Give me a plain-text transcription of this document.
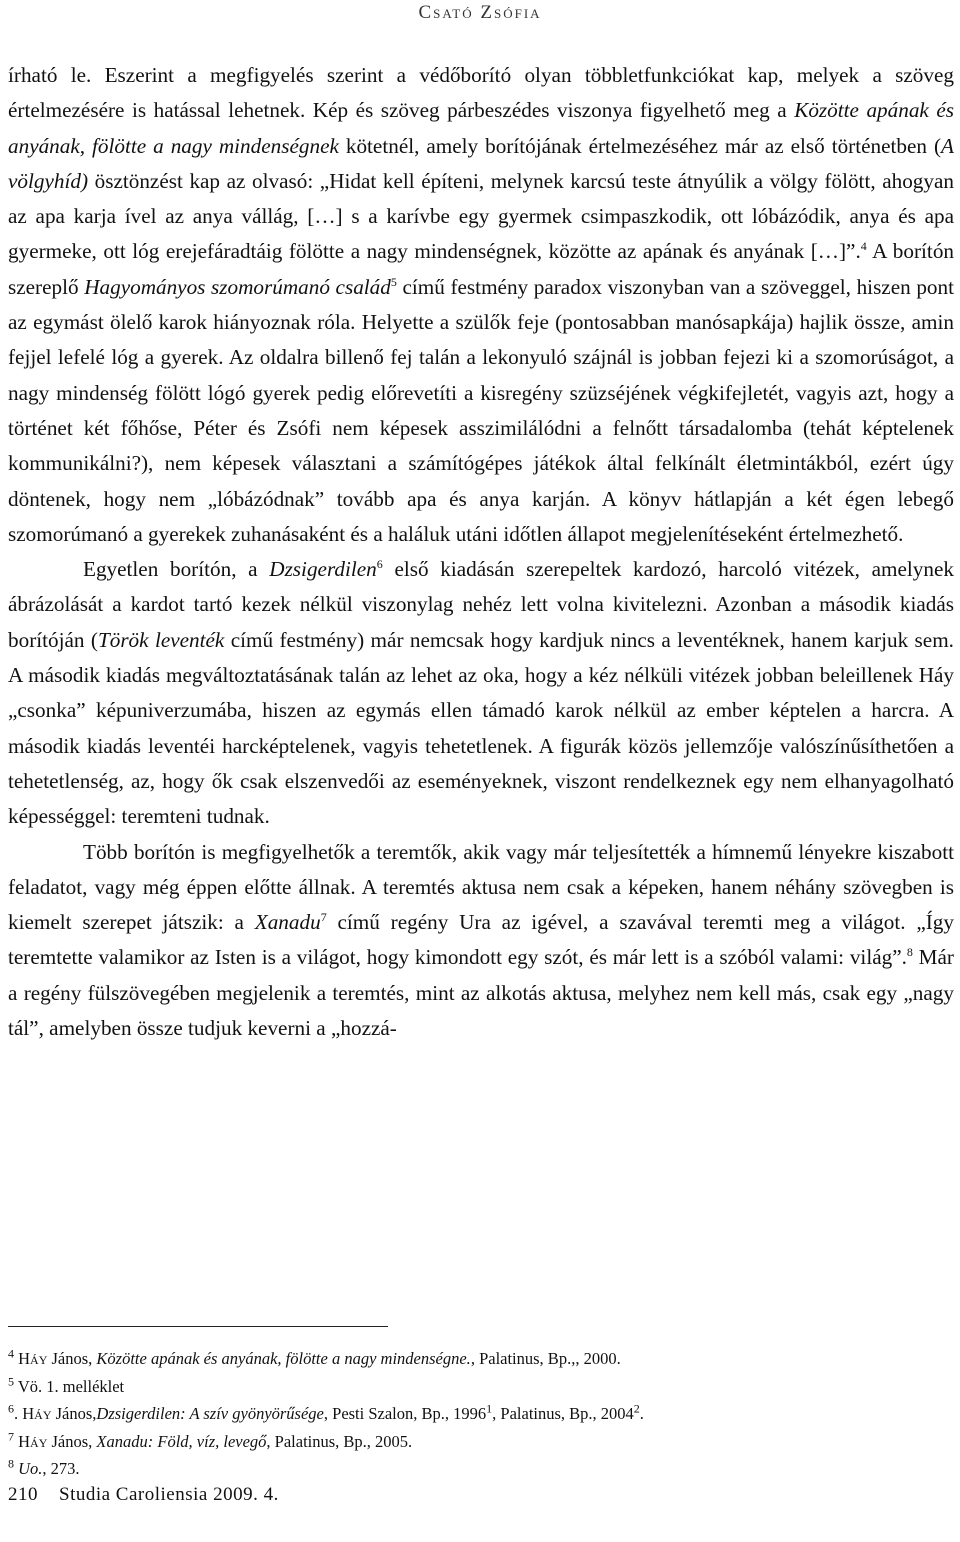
Csató Zsófia

írható le. Eszerint a megfigyelés szerint a védőborító olyan többletfunkciókat kap, melyek a szöveg értelmezésére is hatással lehetnek. Kép és szöveg párbeszédes viszonya figyelhető meg a Közötte apának és anyának, fölötte a nagy mindenségnek kötetnél, amely borítójának értelmezéséhez már az első történetben (A völgyhíd) ösztönzést kap az olvasó: „Hidat kell építeni, melynek karcsú teste átnyúlik a völgy fölött, ahogyan az apa karja ível az anya vállág, […] s a karívbe egy gyermek csimpaszkodik, ott lóbázódik, anya és apa gyermeke, ott lóg erejefáradtáig fölötte a nagy mindenségnek, közötte az apának és anyának […]”.$^4$ A borítón szereplő Hagyományos szomorúmanó család$^5$ című festmény paradox viszonyban van a szöveggel, hiszen pont az egymást ölelő karok hiányoznak róla. Helyette a szülők feje (pontosabban manósapkája) hajlik össze, amin fejjel lefelé lóg a gyerek. Az oldalra billenő fej talán a lekonyuló szájnál is jobban fejezi ki a szomorúságot, a nagy mindenség fölött lógó gyerek pedig előrevetíti a kisregény szüzséjének végkifejletét, vagyis azt, hogy a történet két főhőse, Péter és Zsófi nem képesek asszimilálódni a felnőtt társadalomba (tehát képtelenek kommunikálni?), nem képesek választani a számítógépes játékok által felkínált életmintákból, ezért úgy döntenek, hogy nem „lóbázódnak” tovább apa és anya karján. A könyv hátlapján a két égen lebegő szomorúmanó a gyerekek zuhanásaként és a haláluk utáni időtlen állapot megjelenítéseként értelmezhető.

Egyetlen borítón, a Dzsigerdilen$^6$ első kiadásán szerepeltek kardozó, harcoló vitézek, amelynek ábrázolását a kardot tartó kezek nélkül viszonylag nehéz lett volna kivitelezni. Azonban a második kiadás borítóján (Török leventék című festmény) már nemcsak hogy kardjuk nincs a leventéknek, hanem karjuk sem. A második kiadás megváltoztatásának talán az lehet az oka, hogy a kéz nélküli vitézek jobban beleillenek Háy „csonka” képuniverzumába, hiszen az egymás ellen támadó karok nélkül az ember képtelen a harcra. A második kiadás leventéi harcképtelenek, vagyis tehetetlenek. A figurák közös jellemzője valószínűsíthetően a tehetetlenség, az, hogy ők csak elszenvedői az eseményeknek, viszont rendelkeznek egy nem elhanyagolható képességgel: teremteni tudnak.

Több borítón is megfigyelhetők a teremtők, akik vagy már teljesítették a hímnemű lényekre kiszabott feladatot, vagy még éppen előtte állnak. A teremtés aktusa nem csak a képeken, hanem néhány szövegben is kiemelt szerepet játszik: a Xanadu$^7$ című regény Ura az igével, a szavával teremti meg a világot. „Így teremtette valamikor az Isten is a világot, hogy kimondott egy szót, és már lett is a szóból valami: világ”.$^8$ Már a regény fülszövegében megjelenik a teremtés, mint az alkotás aktusa, melyhez nem kell más, csak egy „nagy tál”, amelyben össze tudjuk keverni a „hozzá-

$^4$ Háy János, Közötte apának és anyának, fölötte a nagy mindenségne., Palatinus, Bp.,, 2000.
$^5$ Vö. 1. melléklet
$^6$. Háy János,Dzsigerdilen: A szív gyönyörűsége, Pesti Szalon, Bp., 1996$^1$, Palatinus, Bp., 2004$^2$.
$^7$ Háy János, Xanadu: Föld, víz, levegő, Palatinus, Bp., 2005.
$^8$ Uo., 273.
210 Studia Caroliensia 2009. 4.
